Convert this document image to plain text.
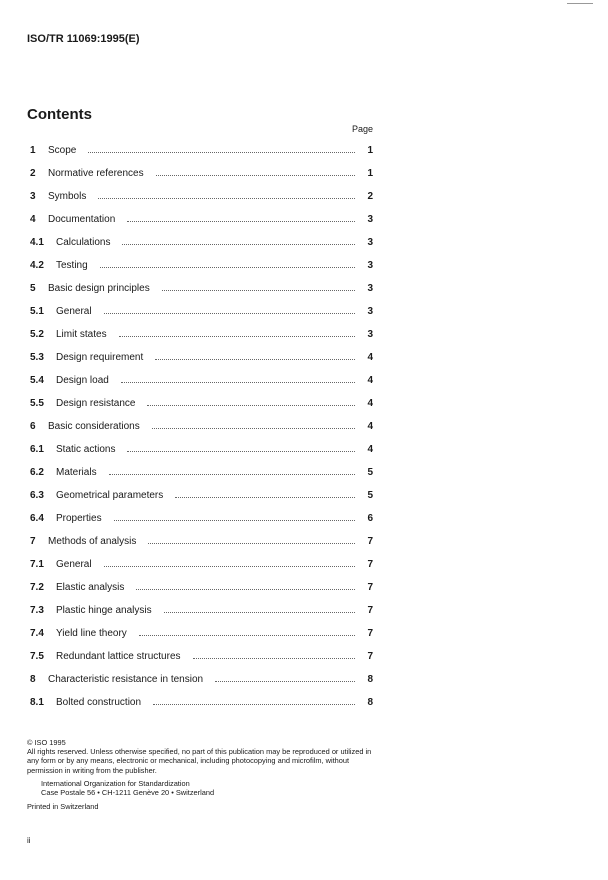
ISO/TR 11069:1995(E)
Contents
Page
1	Scope	1
2	Normative references	1
3	Symbols	2
4	Documentation	3
4.1	Calculations	3
4.2	Testing	3
5	Basic design principles	3
5.1	General	3
5.2	Limit states	3
5.3	Design requirement	4
5.4	Design load	4
5.5	Design resistance	4
6	Basic considerations	4
6.1	Static actions	4
6.2	Materials	5
6.3	Geometrical parameters	5
6.4	Properties	6
7	Methods of analysis	7
7.1	General	7
7.2	Elastic analysis	7
7.3	Plastic hinge analysis	7
7.4	Yield line theory	7
7.5	Redundant lattice structures	7
8	Characteristic resistance in tension	8
8.1	Bolted construction	8
© ISO 1995
All rights reserved. Unless otherwise specified, no part of this publication may be reproduced or utilized in any form or by any means, electronic or mechanical, including photocopying and microfilm, without permission in writing from the publisher.
International Organization for Standardization
Case Postale 56 • CH-1211 Genève 20 • Switzerland
Printed in Switzerland
ii
